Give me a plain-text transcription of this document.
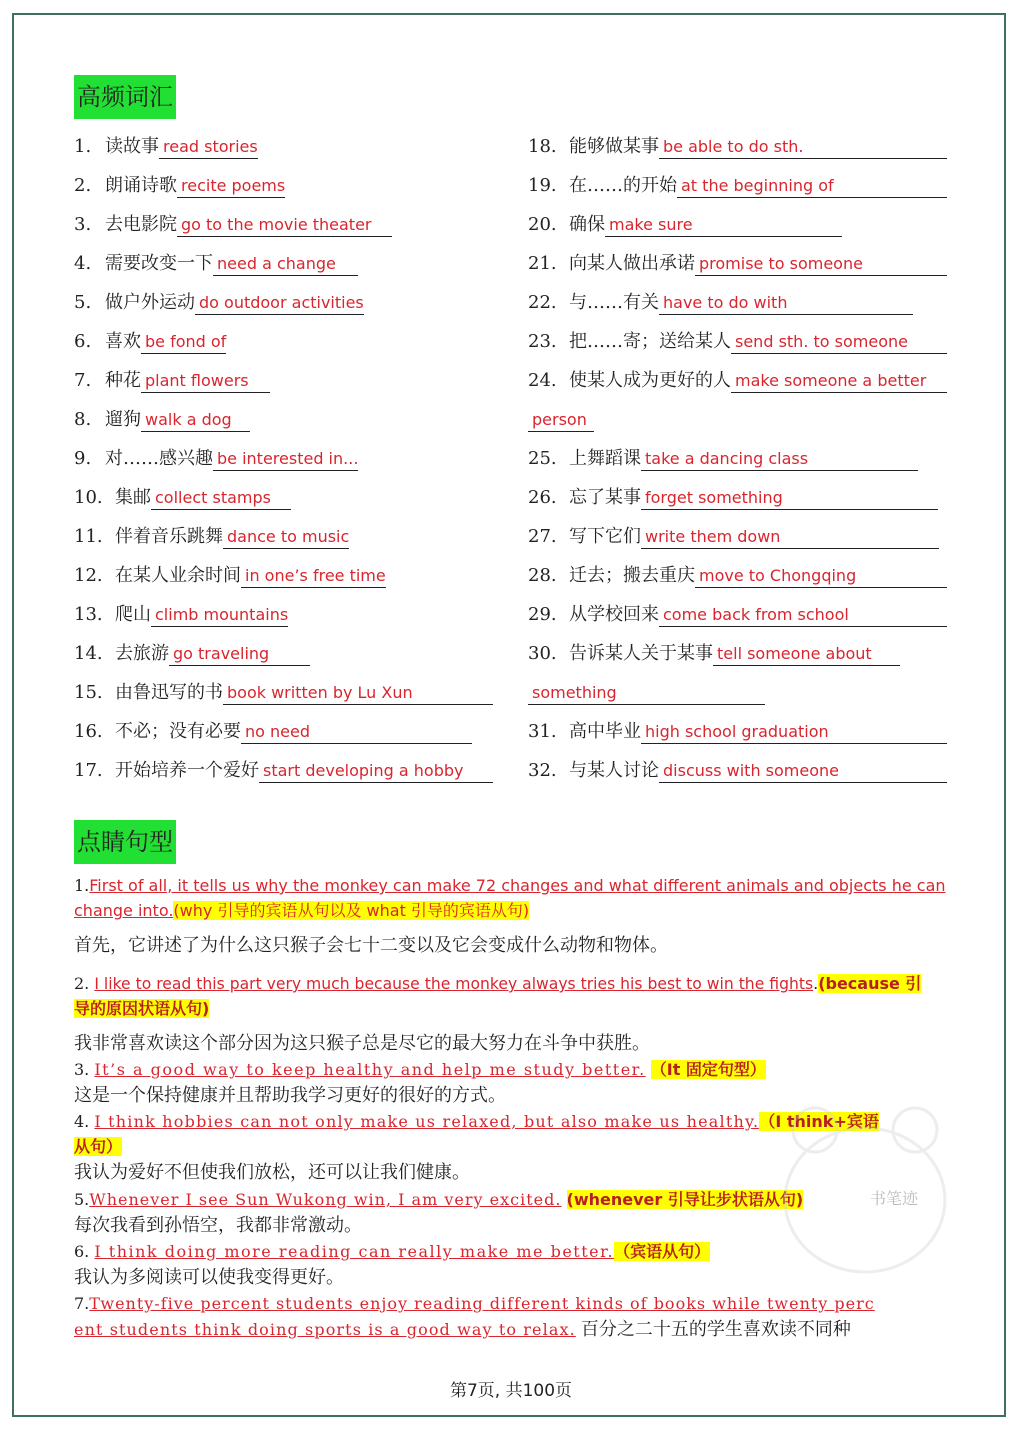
高频词汇
1. 读故事 read stories
2. 朗诵诗歌 recite poems
3. 去电影院 go to the movie theater
4. 需要改变一下 need a change
5. 做户外运动 do outdoor activities
6. 喜欢 be fond of
7. 种花 plant flowers
8. 遛狗 walk a dog
9. 对……感兴趣 be interested in...
10. 集邮 collect stamps
11. 伴着音乐跳舞 dance to music
12. 在某人业余时间 in one’s free time
13. 爬山 climb mountains
14. 去旅游 go traveling
15. 由鲁迅写的书 book written by Lu Xun
16. 不必；没有必要 no need
17. 开始培养一个爱好 start developing a hobby
18. 能够做某事 be able to do sth.
19. 在……的开始 at the beginning of
20. 确保 make sure
21. 向某人做出承诺 promise to someone
22. 与……有关 have to do with
23. 把……寄；送给某人 send sth. to someone
24. 使某人成为更好的人 make someone a better
person
25. 上舞蹈课 take a dancing class
26. 忘了某事 forget something
27. 写下它们 write them down
28. 迁去；搬去重庆 move to Chongqing
29. 从学校回来 come back from school
30. 告诉某人关于某事 tell someone about
something
31. 高中毕业 high school graduation
32. 与某人讨论 discuss with someone
点睛句型
1.First of all, it tells us why the monkey can make 72 changes and what different animals and objects he can
change into.(why 引导的宾语从句以及 what 引导的宾语从句)
首先，它讲述了为什么这只猴子会七十二变以及它会变成什么动物和物体。
2. I like to read this part very much because the monkey always tries his best to win the fights.(because 引
导的原因状语从句)
我非常喜欢读这个部分因为这只猴子总是尽它的最大努力在斗争中获胜。
3. It’s a good way to keep healthy and help me study better. （It 固定句型）
这是一个保持健康并且帮助我学习更好的很好的方式。
4. I think hobbies can not only make us relaxed, but also make us healthy.（I think+宾语
从句）
我认为爱好不但使我们放松，还可以让我们健康。
5.Whenever I see Sun Wukong win, I am very excited. (whenever 引导让步状语从句)
每次我看到孙悟空，我都非常激动。
6. I think doing more reading can really make me better.（宾语从句）
我认为多阅读可以使我变得更好。
7.Twenty-five percent students enjoy reading different kinds of books while twenty perc
ent students think doing sports is a good way to relax. 百分之二十五的学生喜欢读不同种
书笔迹
第7页, 共100页
